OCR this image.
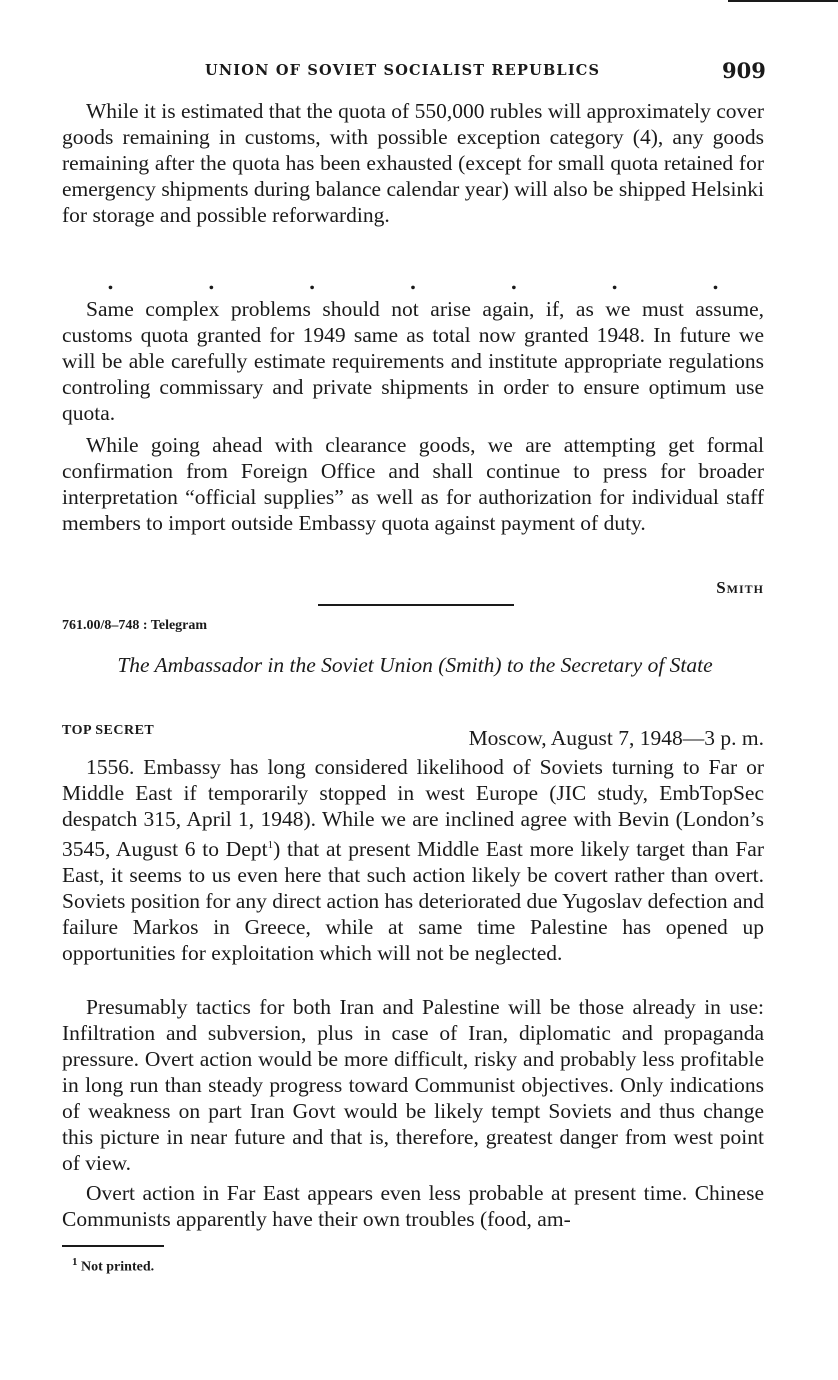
UNION OF SOVIET SOCIALIST REPUBLICS	909

While it is estimated that the quota of 550,000 rubles will approximately cover goods remaining in customs, with possible exception category (4), any goods remaining after the quota has been exhausted (except for small quota retained for emergency shipments during balance calendar year) will also be shipped Helsinki for storage and possible reforwarding.

.	.	.	.	.	.	.

Same complex problems should not arise again, if, as we must assume, customs quota granted for 1949 same as total now granted 1948. In future we will be able carefully estimate requirements and institute appropriate regulations controling commissary and private shipments in order to ensure optimum use quota.

While going ahead with clearance goods, we are attempting get formal confirmation from Foreign Office and shall continue to press for broader interpretation “official supplies” as well as for authorization for individual staff members to import outside Embassy quota against payment of duty.

Smith
761.00/8–748 : Telegram

The Ambassador in the Soviet Union (Smith) to the Secretary of State

TOP SECRET	Moscow, August 7, 1948—3 p. m.

1556. Embassy has long considered likelihood of Soviets turning to Far or Middle East if temporarily stopped in west Europe (JIC study, EmbTopSec despatch 315, April 1, 1948). While we are inclined agree with Bevin (London’s 3545, August 6 to Dept$^1$) that at present Middle East more likely target than Far East, it seems to us even here that such action likely be covert rather than overt. Soviets position for any direct action has deteriorated due Yugoslav defection and failure Markos in Greece, while at same time Palestine has opened up opportunities for exploitation which will not be neglected.

Presumably tactics for both Iran and Palestine will be those already in use: Infiltration and subversion, plus in case of Iran, diplomatic and propaganda pressure. Overt action would be more difficult, risky and probably less profitable in long run than steady progress toward Communist objectives. Only indications of weakness on part Iran Govt would be likely tempt Soviets and thus change this picture in near future and that is, therefore, greatest danger from west point of view.

Overt action in Far East appears even less probable at present time. Chinese Communists apparently have their own troubles (food, am-

$^1$ Not printed.
